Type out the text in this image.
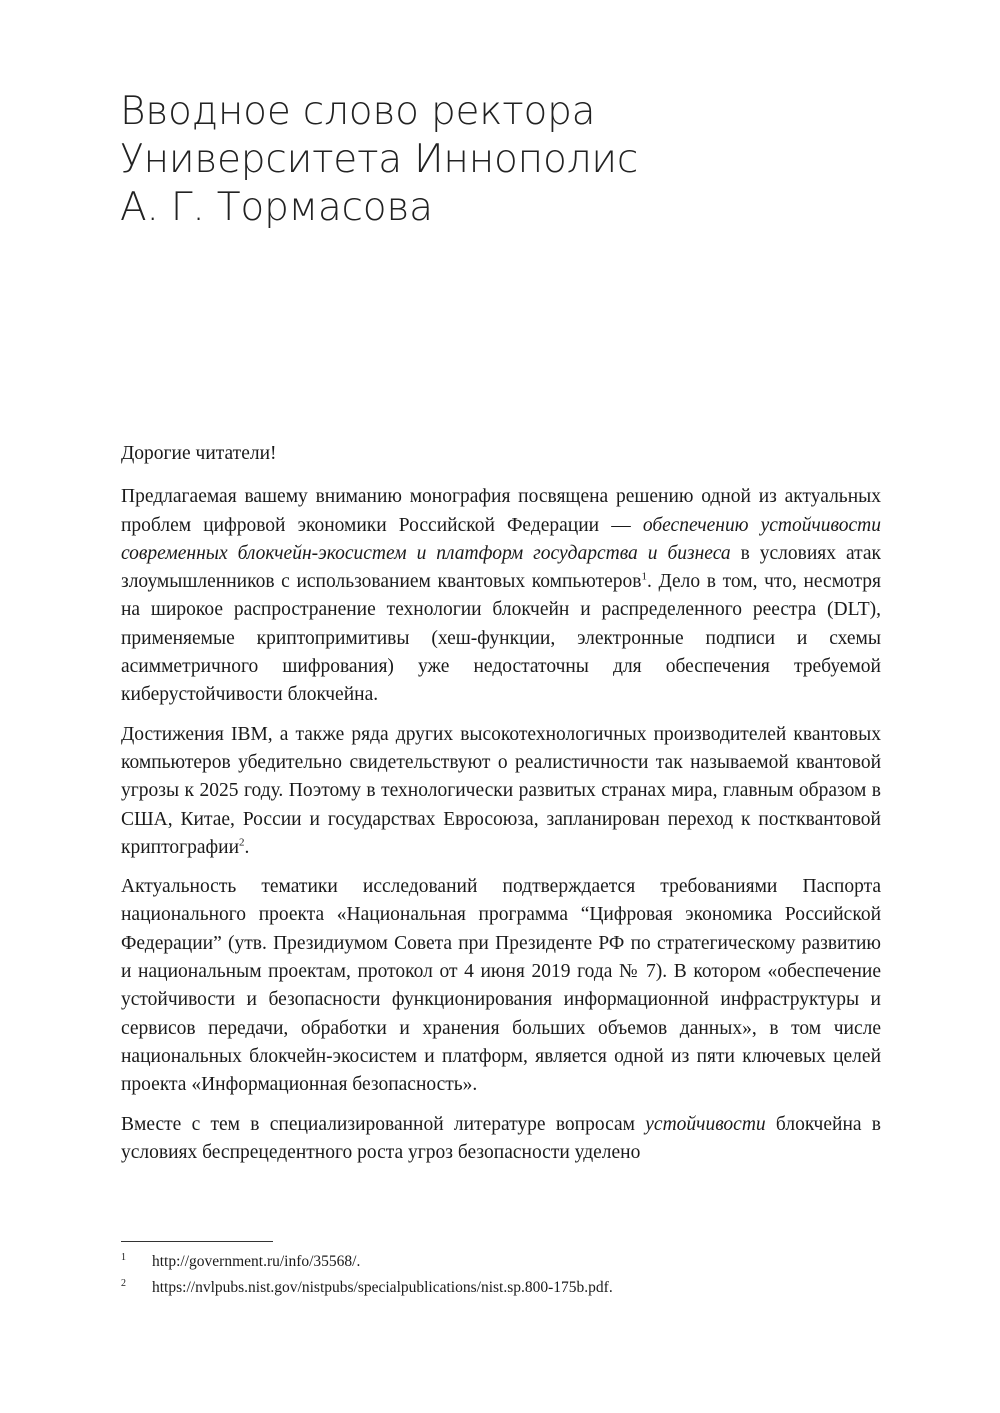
Вводное слово ректора
Университета Иннополис
А. Г. Тормасова

Дорогие читатели!

Предлагаемая вашему вниманию монография посвящена решению одной из актуальных проблем цифровой экономики Российской Федерации — обеспечению устойчивости современных блокчейн-экосистем и платформ государства и бизнеса в условиях атак злоумышленников с использованием квантовых компьютеров$^1$. Дело в том, что, несмотря на широкое распространение технологии блокчейн и распределенного реестра (DLT), применяемые криптопримитивы (хеш-функции, электронные подписи и схемы асимметричного шифрования) уже недостаточны для обеспечения требуемой киберустойчивости блокчейна.

Достижения IBM, а также ряда других высокотехнологичных производителей квантовых компьютеров убедительно свидетельствуют о реалистичности так называемой квантовой угрозы к 2025 году. Поэтому в технологически развитых странах мира, главным образом в США, Китае, России и государствах Евросоюза, запланирован переход к постквантовой криптографии$^2$.

Актуальность тематики исследований подтверждается требованиями Паспорта национального проекта «Национальная программа “Цифровая экономика Российской Федерации” (утв. Президиумом Совета при Президенте РФ по стратегическому развитию и национальным проектам, протокол от 4 июня 2019 года № 7). В котором «обеспечение устойчивости и безопасности функционирования информационной инфраструктуры и сервисов передачи, обработки и хранения больших объемов данных», в том числе национальных блокчейн-экосистем и платформ, является одной из пяти ключевых целей проекта «Информационная безопасность».

Вместе с тем в специализированной литературе вопросам устойчивости блокчейна в условиях беспрецедентного роста угроз безопасности уделено

1 http://government.ru/info/35568/.
2 https://nvlpubs.nist.gov/nistpubs/specialpublications/nist.sp.800-175b.pdf.
